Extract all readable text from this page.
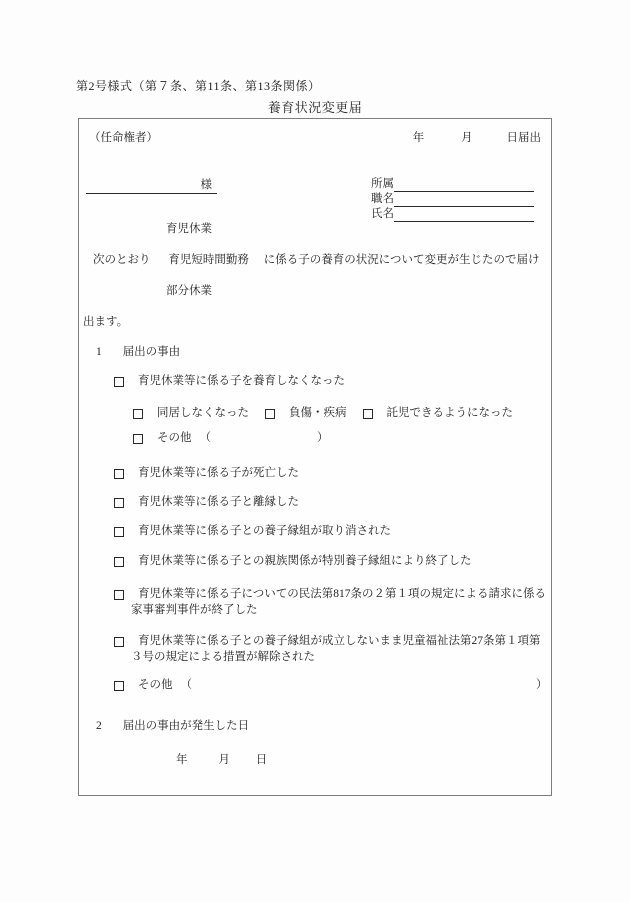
第2号様式（第７条、第11条、第13条関係）
養育状況変更届
（任命権者）	年	月	日届出
様	所属
職名
氏名
育児休業
次のとおり 育児短時間勤務 に係る子の養育の状況について変更が生じたので届け
部分休業
出ます。
1 届出の事由
育児休業等に係る子を養育しなくなった
同居しなくなった	負傷・疾病	託児できるようになった
その他 （	）
育児休業等に係る子が死亡した
育児休業等に係る子と離縁した
育児休業等に係る子との養子縁組が取り消された
育児休業等に係る子との親族関係が特別養子縁組により終了した
育児休業等に係る子についての民法第817条の２第１項の規定による請求に係る
家事審判事件が終了した
育児休業等に係る子との養子縁組が成立しないまま児童福祉法第27条第１項第
３号の規定による措置が解除された
その他 （	）
2 届出の事由が発生した日
年	月 日
